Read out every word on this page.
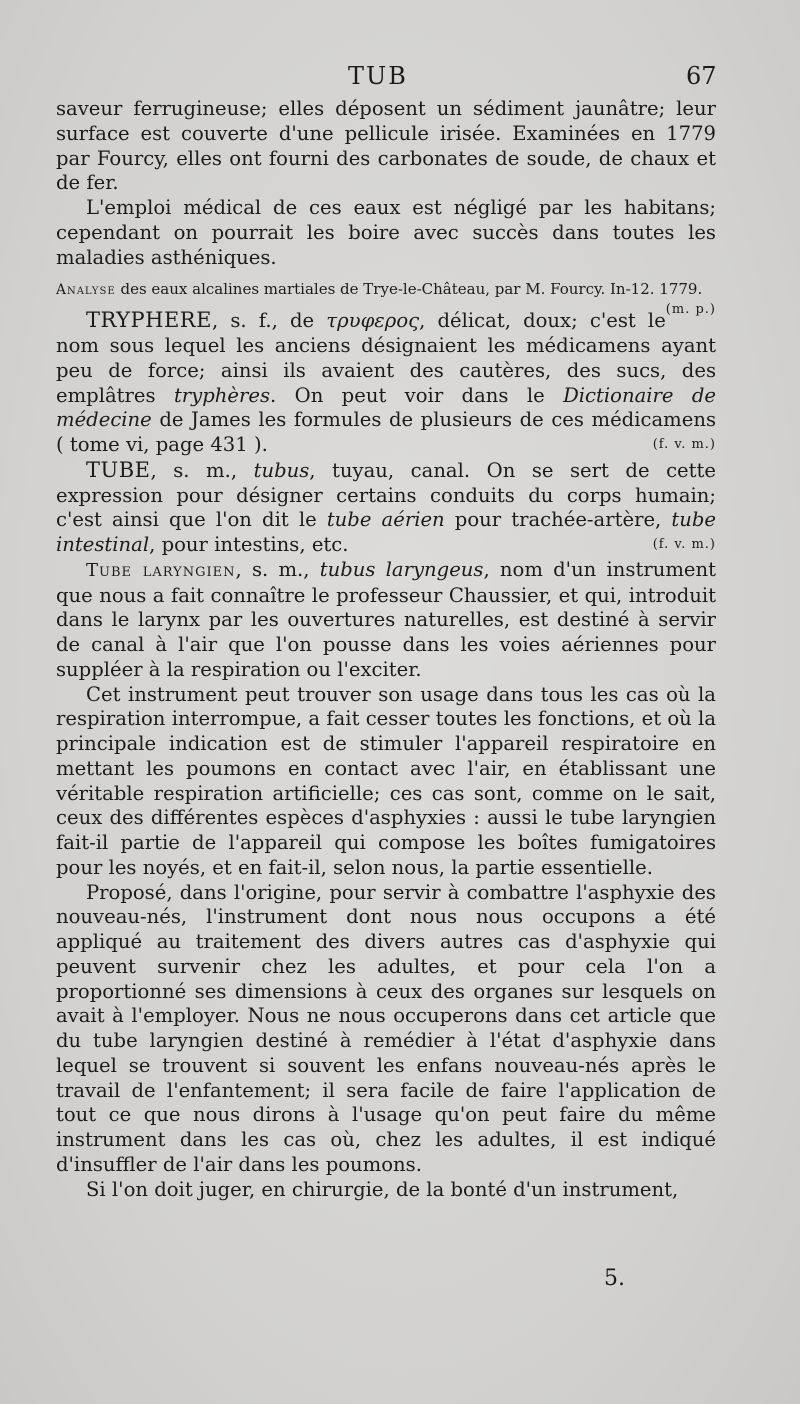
TUB	67

saveur ferrugineuse; elles déposent un sédiment jaunâtre; leur surface est couverte d'une pellicule irisée. Examinées en 1779 par Fourcy, elles ont fourni des carbonates de soude, de chaux et de fer.

L'emploi médical de ces eaux est négligé par les habitans; cependant on pourrait les boire avec succès dans toutes les maladies asthéniques.

Analyse des eaux alcalines martiales de Trye-le-Château, par M. Fourcy. In-12. 1779.
(m. p.)

TRYPHERE, s. f., de τρυφερος, délicat, doux; c'est le nom sous lequel les anciens désignaient les médicamens ayant peu de force; ainsi ils avaient des cautères, des sucs, des emplâtres tryphères. On peut voir dans le Dictionaire de médecine de James les formules de plusieurs de ces médicamens ( tome vi, page 431 ).	(f. v. m.)

TUBE, s. m., tubus, tuyau, canal. On se sert de cette expression pour désigner certains conduits du corps humain; c'est ainsi que l'on dit le tube aérien pour trachée-artère, tube intestinal, pour intestins, etc.	(f. v. m.)

Tube laryngien, s. m., tubus laryngeus, nom d'un instrument que nous a fait connaître le professeur Chaussier, et qui, introduit dans le larynx par les ouvertures naturelles, est destiné à servir de canal à l'air que l'on pousse dans les voies aériennes pour suppléer à la respiration ou l'exciter.

Cet instrument peut trouver son usage dans tous les cas où la respiration interrompue, a fait cesser toutes les fonctions, et où la principale indication est de stimuler l'appareil respiratoire en mettant les poumons en contact avec l'air, en établissant une véritable respiration artificielle; ces cas sont, comme on le sait, ceux des différentes espèces d'asphyxies : aussi le tube laryngien fait-il partie de l'appareil qui compose les boîtes fumigatoires pour les noyés, et en fait-il, selon nous, la partie essentielle.

Proposé, dans l'origine, pour servir à combattre l'asphyxie des nouveau-nés, l'instrument dont nous nous occupons a été appliqué au traitement des divers autres cas d'asphyxie qui peuvent survenir chez les adultes, et pour cela l'on a proportionné ses dimensions à ceux des organes sur lesquels on avait à l'employer. Nous ne nous occuperons dans cet article que du tube laryngien destiné à remédier à l'état d'asphyxie dans lequel se trouvent si souvent les enfans nouveau-nés après le travail de l'enfantement; il sera facile de faire l'application de tout ce que nous dirons à l'usage qu'on peut faire du même instrument dans les cas où, chez les adultes, il est indiqué d'insuffler de l'air dans les poumons.

Si l'on doit juger, en chirurgie, de la bonté d'un instrument,

5.
